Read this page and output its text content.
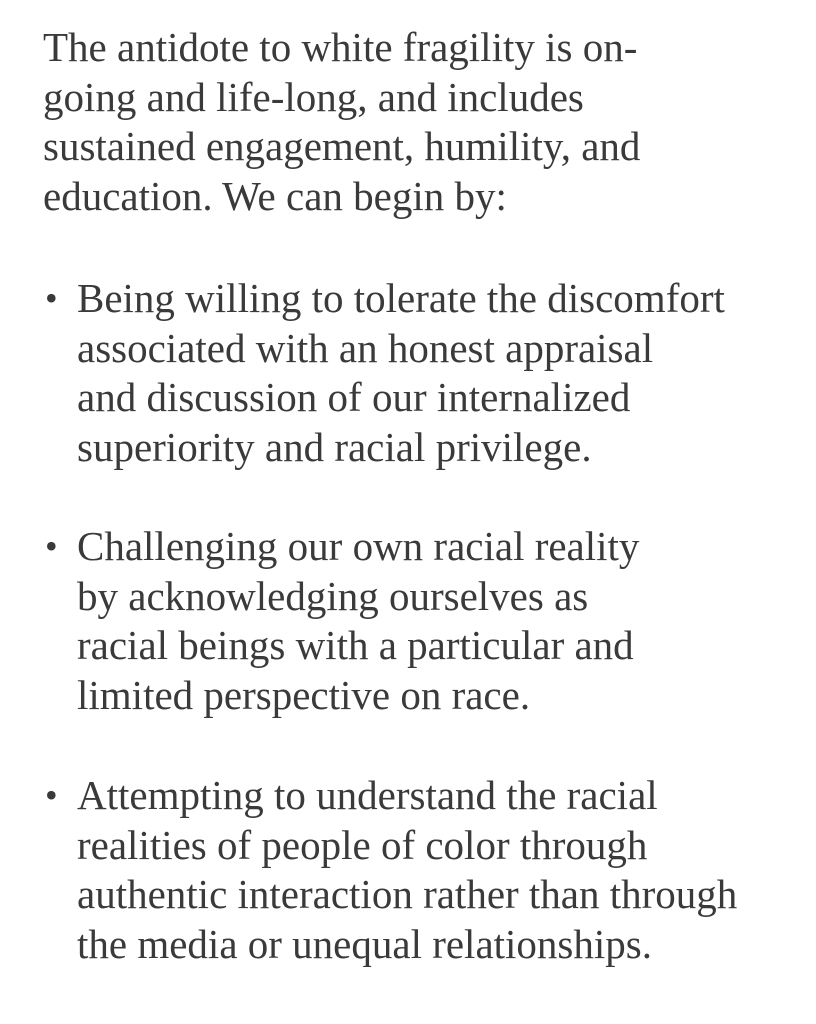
The antidote to white fragility is on-
going and life-long, and includes
sustained engagement, humility, and
education. We can begin by:

• Being willing to tolerate the discomfort
associated with an honest appraisal
and discussion of our internalized
superiority and racial privilege.
• Challenging our own racial reality
by acknowledging ourselves as
racial beings with a particular and
limited perspective on race.
• Attempting to understand the racial
realities of people of color through
authentic interaction rather than through
the media or unequal relationships.
